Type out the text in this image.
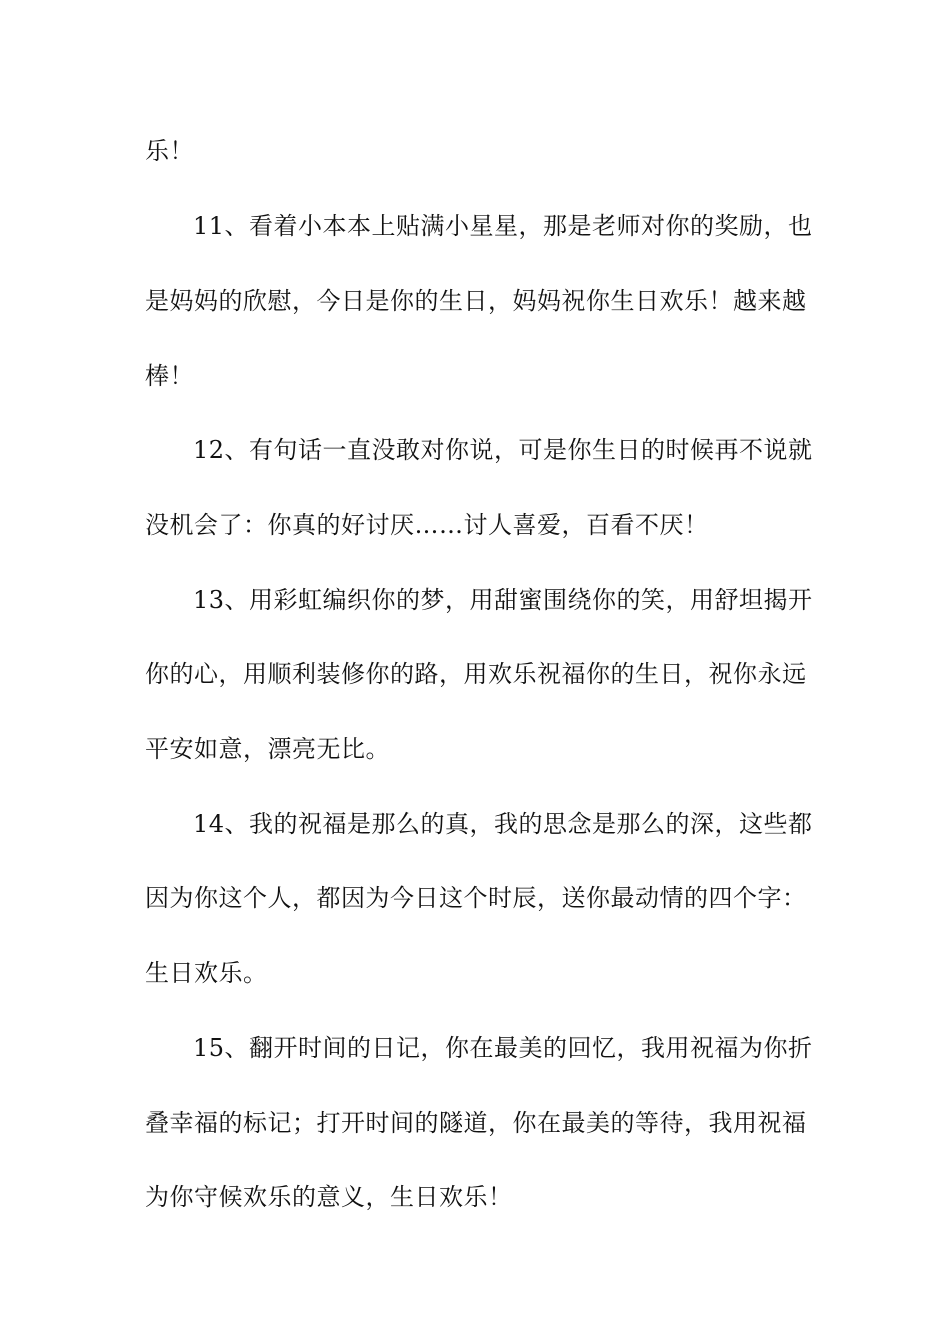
乐！
11、看着小本本上贴满小星星，那是老师对你的奖励，也
是妈妈的欣慰，今日是你的生日，妈妈祝你生日欢乐！越来越
棒！
12、有句话一直没敢对你说，可是你生日的时候再不说就
没机会了：你真的好讨厌……讨人喜爱，百看不厌！
13、用彩虹编织你的梦，用甜蜜围绕你的笑，用舒坦揭开
你的心，用顺利装修你的路，用欢乐祝福你的生日，祝你永远
平安如意，漂亮无比。
14、我的祝福是那么的真，我的思念是那么的深，这些都
因为你这个人，都因为今日这个时辰，送你最动情的四个字：
生日欢乐。
15、翻开时间的日记，你在最美的回忆，我用祝福为你折
叠幸福的标记；打开时间的隧道，你在最美的等待，我用祝福
为你守候欢乐的意义，生日欢乐！
